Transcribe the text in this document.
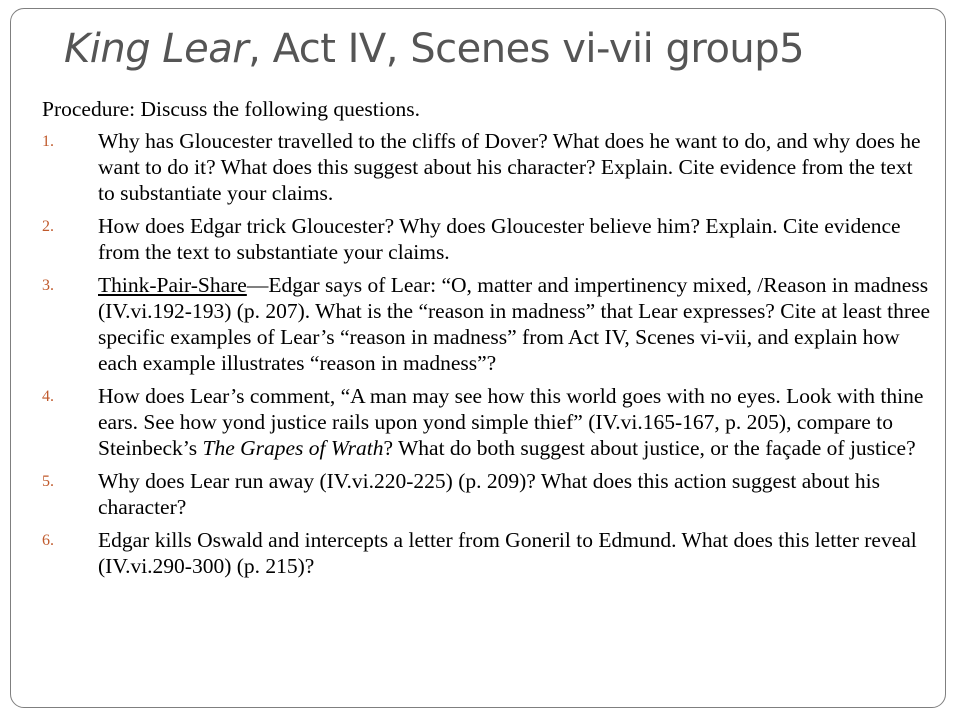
King Lear, Act IV, Scenes vi-vii group5
Procedure: Discuss the following questions.
1. Why has Gloucester travelled to the cliffs of Dover? What does he want to do, and why does he want to do it? What does this suggest about his character? Explain. Cite evidence from the text to substantiate your claims.
2. How does Edgar trick Gloucester? Why does Gloucester believe him? Explain. Cite evidence from the text to substantiate your claims.
3. Think-Pair-Share—Edgar says of Lear: “O, matter and impertinency mixed, /Reason in madness (IV.vi.192-193) (p. 207). What is the “reason in madness” that Lear expresses? Cite at least three specific examples of Lear’s “reason in madness” from Act IV, Scenes vi-vii, and explain how each example illustrates “reason in madness”?
4. How does Lear’s comment, “A man may see how this world goes with no eyes. Look with thine ears. See how yond justice rails upon yond simple thief” (IV.vi.165-167, p. 205), compare to Steinbeck’s The Grapes of Wrath? What do both suggest about justice, or the façade of justice?
5. Why does Lear run away (IV.vi.220-225) (p. 209)? What does this action suggest about his character?
6. Edgar kills Oswald and intercepts a letter from Goneril to Edmund. What does this letter reveal (IV.vi.290-300) (p. 215)?
